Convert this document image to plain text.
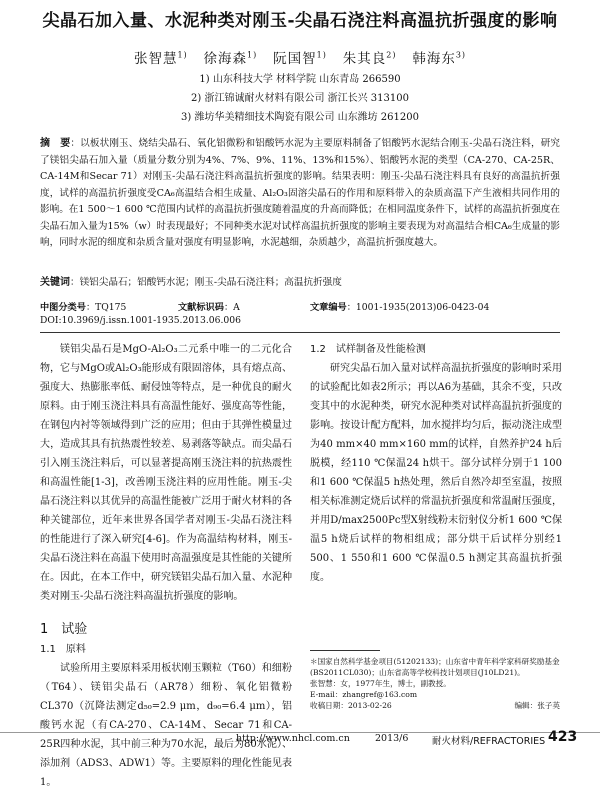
尖晶石加入量、水泥种类对刚玉-尖晶石浇注料高温抗折强度的影响
张智慧$^{1)}$ 徐海森$^{1)}$ 阮国智$^{1)}$ 朱其良$^{2)}$ 韩海东$^{3)}$
1) 山东科技大学 材料学院 山东青岛 266590
2) 浙江锦诚耐火材料有限公司 浙江长兴 313100
3) 潍坊华美精细技术陶瓷有限公司 山东潍坊 261200
摘　要：以板状刚玉、烧结尖晶石、氧化铝微粉和铝酸钙水泥为主要原料制备了铝酸钙水泥结合刚玉-尖晶石浇注料，研究了镁铝尖晶石加入量（质量分数分别为4%、7%、9%、11%、13%和15%）、铝酸钙水泥的类型（CA-270、CA-25R、CA-14M和Secar 71）对刚玉-尖晶石浇注料高温抗折强度的影响。结果表明：刚玉-尖晶石浇注料具有良好的高温抗折强度，试样的高温抗折强度受CA₆高温结合相生成量、Al₂O₃固溶尖晶石的作用和原料带入的杂质高温下产生液相共同作用的影响。在1 500～1 600 ℃范围内试样的高温抗折强度随着温度的升高而降低；在相同温度条件下，试样的高温抗折强度在尖晶石加入量为15%（w）时表现最好；不同种类水泥对试样高温抗折强度的影响主要表现为对高温结合相CA₆生成量的影响，同时水泥的细度和杂质含量对强度有明显影响，水泥越细，杂质越少，高温抗折强度越大。
关键词：镁铝尖晶石；铝酸钙水泥；刚玉-尖晶石浇注料；高温抗折强度
中图分类号：TQ175	文献标识码：A	文章编号：1001-1935(2013)06-0423-04
DOI:10.3969/j.issn.1001-1935.2013.06.006

镁铝尖晶石是MgO-Al₂O₃二元系中唯一的二元化合物，它与MgO或Al₂O₃能形成有限固溶体，具有熔点高、强度大、热膨胀率低、耐侵蚀等特点，是一种优良的耐火原料。由于刚玉浇注料具有高温性能好、强度高等性能，在钢包内衬等领域得到广泛的应用；但由于其弹性模量过大，造成其具有抗热震性较差、易剥落等缺点。而尖晶石引入刚玉浇注料后，可以显著提高刚玉浇注料的抗热震性和高温性能[1-3]，改善刚玉浇注料的应用性能。刚玉-尖晶石浇注料以其优异的高温性能被广泛用于耐火材料的各种关键部位，近年来世界各国学者对刚玉-尖晶石浇注料的性能进行了深入研究[4-6]。作为高温结构材料，刚玉-尖晶石浇注料在高温下使用时高温强度是其性能的关键所在。因此，在本工作中，研究镁铝尖晶石加入量、水泥种类对刚玉-尖晶石浇注料高温抗折强度的影响。

1　试验
1.1　原料

试验所用主要原料采用板状刚玉颗粒（T60）和细粉（T64）、镁铝尖晶石（AR78）细粉、氧化铝微粉CL370（沉降法测定d₅₀=2.9 μm，d₉₀=6.4 μm），铝酸钙水泥（有CA-270、CA-14M、Secar 71和CA-25R四种水泥，其中前三种为70水泥，最后为80水泥）、添加剂（ADS3、ADW1）等。主要原料的理化性能见表1。

1.2　试样制备及性能检测

研究尖晶石加入量对试样高温抗折强度的影响时采用的试验配比如表2所示；再以A6为基础，其余不变，只改变其中的水泥种类，研究水泥种类对试样高温抗折强度的影响。按设计配方配料，加水搅拌均匀后，振动浇注成型为40 mm×40 mm×160 mm的试样，自然养护24 h后脱模，经110 ℃保温24 h烘干。部分试样分别于1 100和1 600 ℃保温5 h热处理，然后自然冷却至室温，按照相关标准测定烧后试样的常温抗折强度和常温耐压强度，并用D/max2500Pc型X射线粉末衍射仪分析1 600 ℃保温5 h烧后试样的物相组成；部分烘干后试样分别经1 500、1 550和1 600 ℃保温0.5 h测定其高温抗折强度。

＊国家自然科学基金项目(51202133)；山东省中青年科学家科研奖励基金(BS2011CL030)；山东省高等学校科技计划项目(J10LD21)。
张智慧：女，1977年生，博士，副教授。
E-mail：zhangref@163.com
收稿日期：2013-02-26	编辑：张子英
http://www.nhcl.com.cn	2013/6 耐火材料/REFRACTORIES 423
